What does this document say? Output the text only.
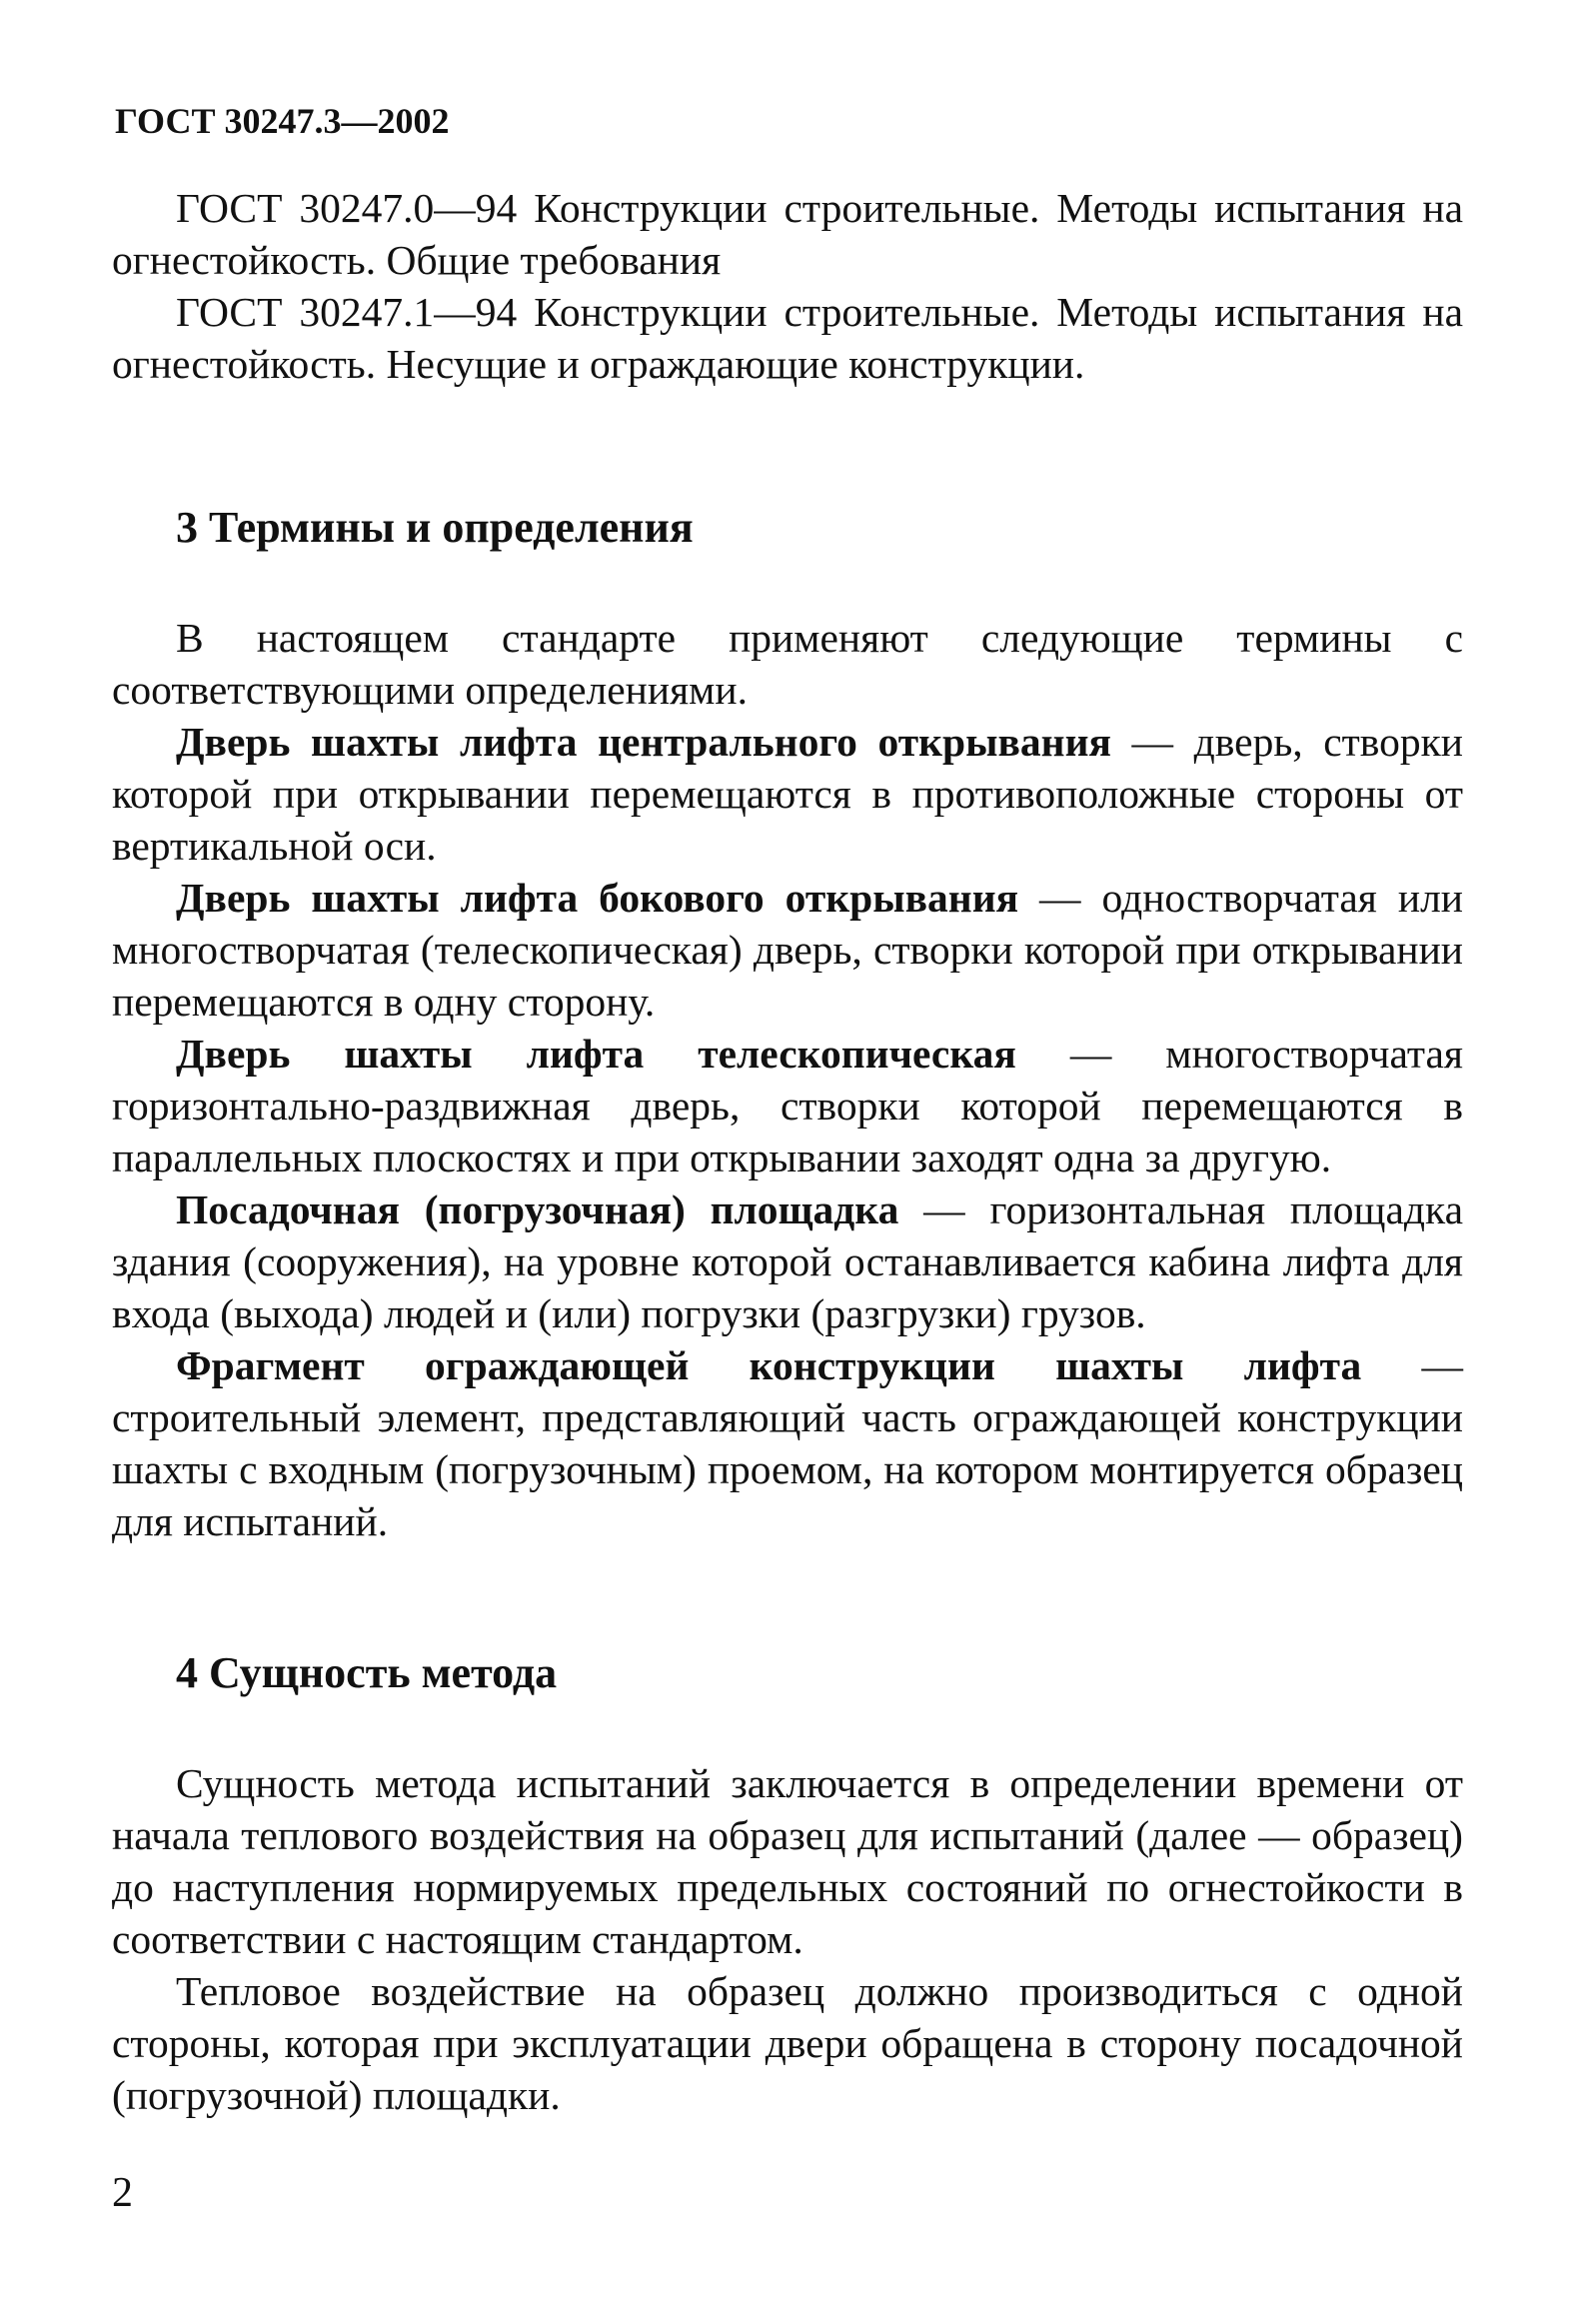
ГОСТ 30247.3—2002

ГОСТ 30247.0—94 Конструкции строительные. Методы испытания на огнестойкость. Общие требования

ГОСТ 30247.1—94 Конструкции строительные. Методы испытания на огнестойкость. Несущие и ограждающие конструкции.

3 Термины и определения

В настоящем стандарте применяют следующие термины с соответствующими определениями.

Дверь шахты лифта центрального открывания — дверь, створки которой при открывании перемещаются в противоположные стороны от вертикальной оси.

Дверь шахты лифта бокового открывания — одностворчатая или многостворчатая (телескопическая) дверь, створки которой при открывании перемещаются в одну сторону.

Дверь шахты лифта телескопическая — многостворчатая горизонтально-раздвижная дверь, створки которой перемещаются в параллельных плоскостях и при открывании заходят одна за другую.

Посадочная (погрузочная) площадка — горизонтальная площадка здания (сооружения), на уровне которой останавливается кабина лифта для входа (выхода) людей и (или) погрузки (разгрузки) грузов.

Фрагмент ограждающей конструкции шахты лифта — строительный элемент, представляющий часть ограждающей конструкции шахты с входным (погрузочным) проемом, на котором монтируется образец для испытаний.

4 Сущность метода

Сущность метода испытаний заключается в определении времени от начала теплового воздействия на образец для испытаний (далее — образец) до наступления нормируемых предельных состояний по огнестойкости в соответствии с настоящим стандартом.

Тепловое воздействие на образец должно производиться с одной стороны, которая при эксплуатации двери обращена в сторону посадочной (погрузочной) площадки.

2
